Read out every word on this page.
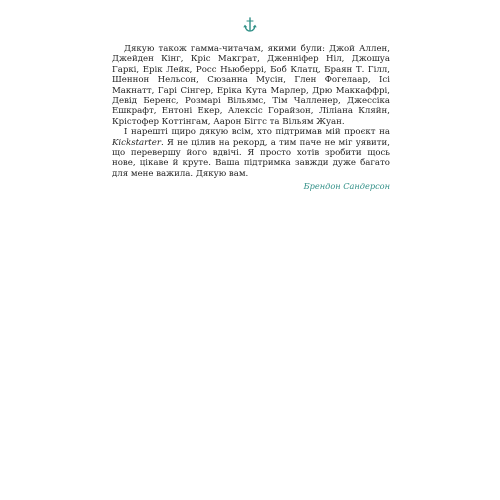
Дякую також гамма-читачам, якими були: Джой Аллен, Джейден Кінг, Кріс Макграт, Дженніфер Ніл, Джошуа Гаркі, Ерік Лейк, Росс Ньюберрі, Боб Клатц, Браян Т. Гілл, Шеннон Нельсон, Сюзанна Мусін, Глен Фогелаар, Ісі Макнатт, Гарі Сінгер, Еріка Кута Марлер, Дрю Маккаффрі, Девід Беренс, Розмарі Вільямс, Тім Чалленер, Джессіка Ешкрафт, Ентоні Екер, Алексіс Горайзон, Ліліана Кляйн, Крістофер Коттінгам, Аарон Біггс та Вільям Жуан.

І нарешті щиро дякую всім, хто підтримав мій проєкт на Kickstarter. Я не цілив на рекорд, а тим паче не міг уявити, що перевершу його вдвічі. Я просто хотів зробити щось нове, цікаве й круте. Ваша підтримка завжди дуже багато для мене важила. Дякую вам.

Брендон Сандерсон
